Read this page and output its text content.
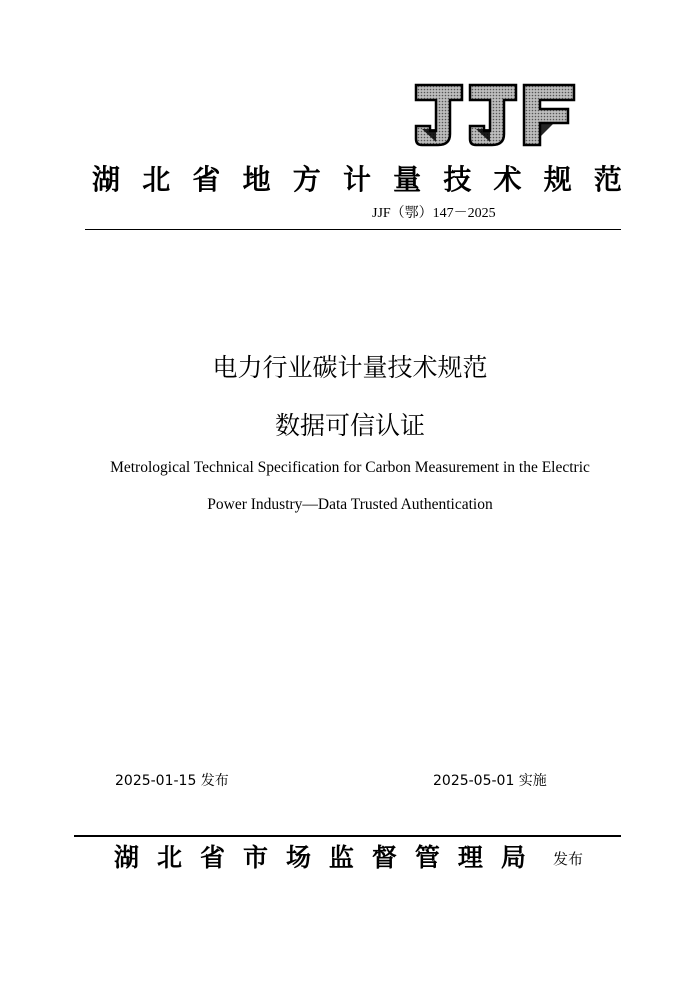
湖 北 省 地 方 计 量 技 术 规 范
JJF（鄂）147－2025
电力行业碳计量技术规范
数据可信认证
Metrological Technical Specification for Carbon Measurement in the Electric
Power Industry—Data Trusted Authentication
2025-01-15 发布	2025-05-01 实施
湖 北 省 市 场 监 督 管 理 局 发布
